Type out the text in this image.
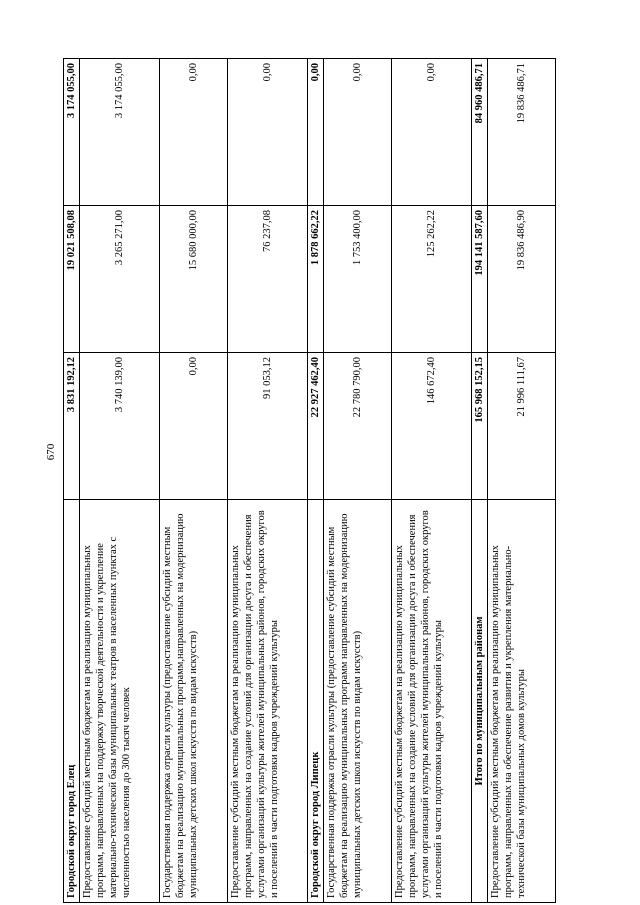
670
Городской округ город Елец	3 831 192,12	19 021 508,08	3 174 055,00
Предоставление субсидий местным бюджетам на реализацию муниципальных программ, направленных на поддержку творческой деятельности и укрепление материально-технической базы муниципальных театров в населенных пунктах с численностью населения до 300 тысяч человек	3 740 139,00	3 265 271,00	3 174 055,00
Государственная поддержка отрасли культуры (предоставление субсидий местным бюджетам на реализацию муниципальных программ,направленных на модернизацию муниципальных детских школ искусств по видам искусств)	0,00	15 680 000,00	0,00
Предоставление субсидий местным бюджетам на реализацию муниципальных программ, направленных на создание условий для организации досуга и обеспечения услугами организаций культуры жителей муниципальных районов, городских округов и поселений в части подготовки кадров учреждений культуры	91 053,12	76 237,08	0,00
Городской округ город Липецк	22 927 462,40	1 878 662,22	0,00
Государственная поддержка отрасли культуры (предоставление субсидий местным бюджетам на реализацию муниципальных программ направленных на модернизацию муниципальных детских школ искусств по видам искусств)	22 780 790,00	1 753 400,00	0,00
Предоставление субсидий местным бюджетам на реализацию муниципальных программ, направленных на создание условий для организации досуга и обеспечения услугами организаций культуры жителей муниципальных районов, городских округов и поселений в части подготовки кадров учреждений культуры	146 672,40	125 262,22	0,00
Итого по муниципальным районам	165 968 152,15	194 141 587,60	84 960 486,71
Предоставление субсидий местным бюджетам на реализацию муниципальных программ, направленных на обеспечение развития и укрепления материально-технической базы муниципальных домов культуры	21 996 111,67	19 836 486,90	19 836 486,71
